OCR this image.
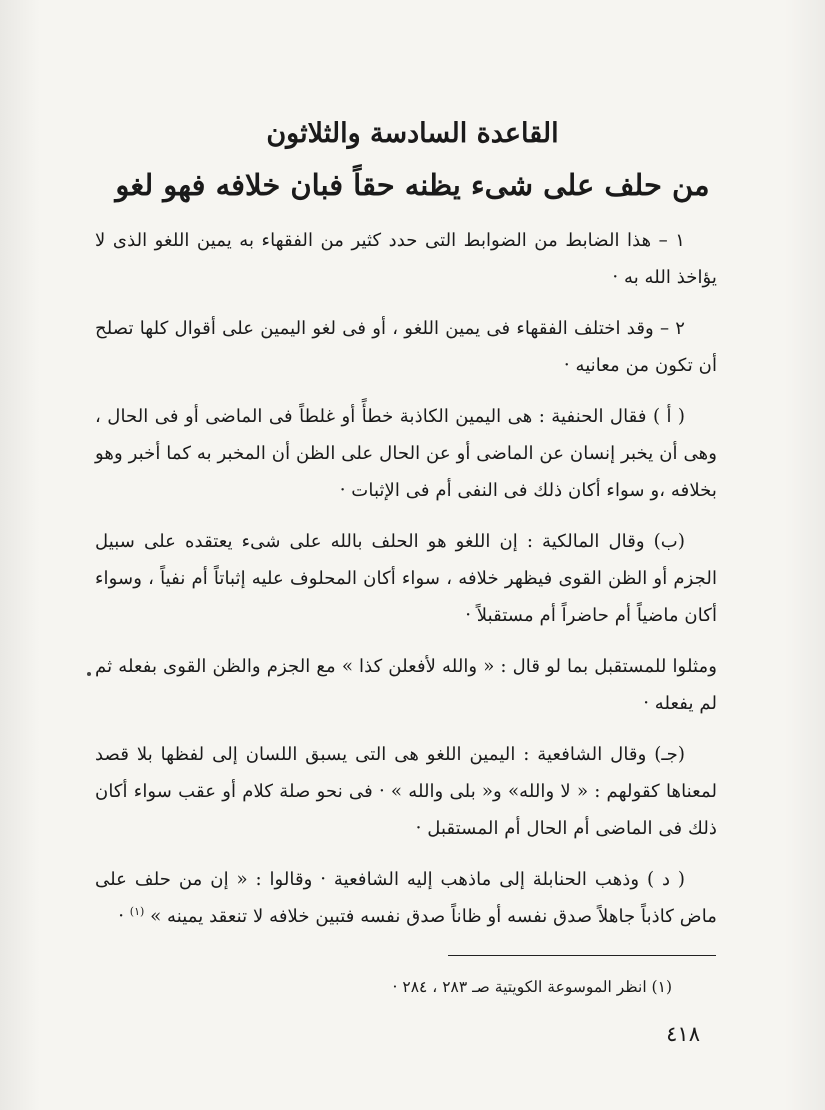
القاعدة السادسة والثلاثون
من حلف على شىء يظنه حقاً فبان خلافه فهو لغو

١ – هذا الضابط من الضوابط التى حدد كثير من الفقهاء به يمين اللغو الذى لا يؤاخذ الله به ·

٢ – وقد اختلف الفقهاء فى يمين اللغو ، أو فى لغو اليمين على أقوال كلها تصلح أن تكون من معانيه ·

( أ ) فقال الحنفية : هى اليمين الكاذبة خطأً أو غلطاً فى الماضى أو فى الحال ، وهى أن يخبر إنسان عن الماضى أو عن الحال على الظن أن المخبر به كما أخبر وهو بخلافه ،و سواء أكان ذلك فى النفى أم فى الإثبات ·

(ب) وقال المالكية : إن اللغو هو الحلف بالله على شىء يعتقده على سبيل الجزم أو الظن القوى فيظهر خلافه ، سواء أكان المحلوف عليه إثباتاً أم نفياً ، وسواء أكان ماضياً أم حاضراً أم مستقبلاً ·

ومثلوا للمستقبل بما لو قال : « والله لأفعلن كذا » مع الجزم والظن القوى بفعله ثم لم يفعله ·

(جـ) وقال الشافعية : اليمين اللغو هى التى يسبق اللسان إلى لفظها بلا قصد لمعناها كقولهم : « لا والله» و« بلى والله » · فى نحو صلة كلام أو عقب سواء أكان ذلك فى الماضى أم الحال أم المستقبل ·

( د ) وذهب الحنابلة إلى ماذهب إليه الشافعية · وقالوا : « إن من حلف على ماض كاذباً جاهلاً صدق نفسه أو ظاناً صدق نفسه فتبين خلافه لا تنعقد يمينه » $^{(١)}$ ·

(١) انظر الموسوعة الكويتية صـ ٢٨٣ ، ٢٨٤ ·
٤١٨
